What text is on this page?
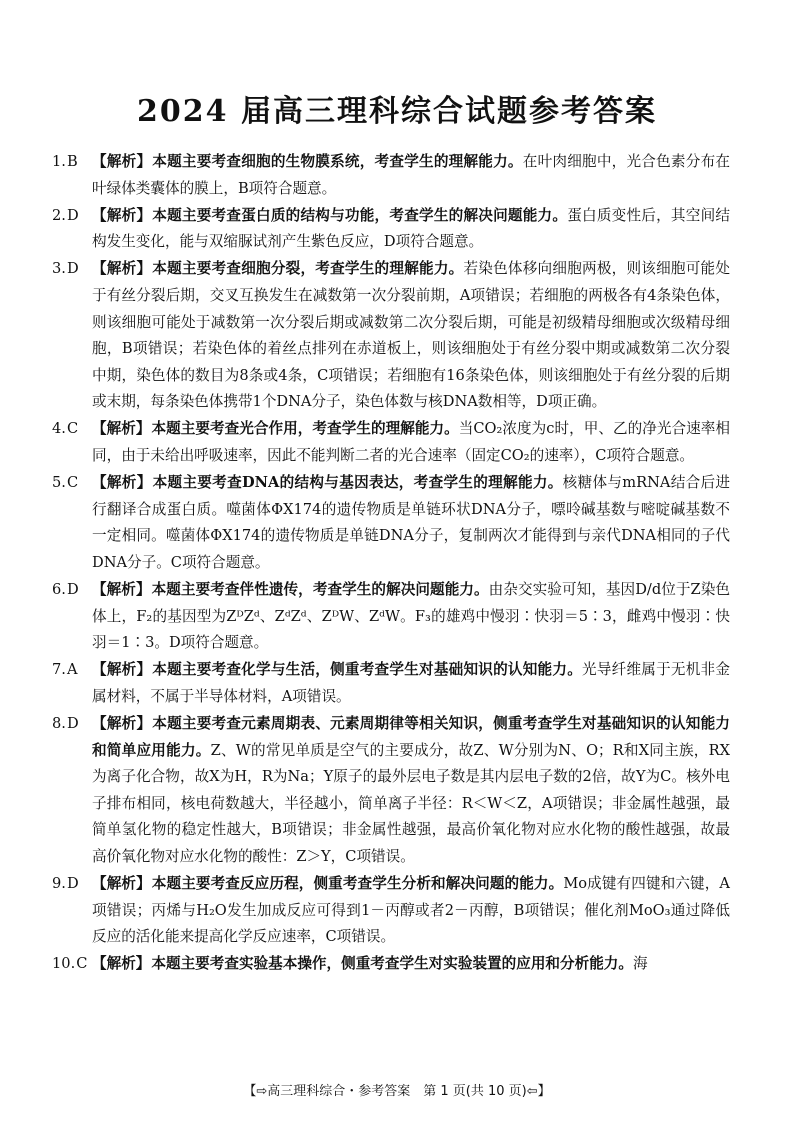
2024 届高三理科综合试题参考答案
1.B 【解析】本题主要考查细胞的生物膜系统，考查学生的理解能力。在叶肉细胞中，光合色素分布在叶绿体类囊体的膜上，B项符合题意。
2.D 【解析】本题主要考查蛋白质的结构与功能，考查学生的解决问题能力。蛋白质变性后，其空间结构发生变化，能与双缩脲试剂产生紫色反应，D项符合题意。
3.D 【解析】本题主要考查细胞分裂，考查学生的理解能力。若染色体移向细胞两极，则该细胞可能处于有丝分裂后期，交叉互换发生在减数第一次分裂前期，A项错误；若细胞的两极各有4条染色体，则该细胞可能处于减数第一次分裂后期或减数第二次分裂后期，可能是初级精母细胞或次级精母细胞，B项错误；若染色体的着丝点排列在赤道板上，则该细胞处于有丝分裂中期或减数第二次分裂中期，染色体的数目为8条或4条，C项错误；若细胞有16条染色体，则该细胞处于有丝分裂的后期或末期，每条染色体携带1个DNA分子，染色体数与核DNA数相等，D项正确。
4.C 【解析】本题主要考查光合作用，考查学生的理解能力。当CO₂浓度为c时，甲、乙的净光合速率相同，由于未给出呼吸速率，因此不能判断二者的光合速率（固定CO₂的速率），C项符合题意。
5.C 【解析】本题主要考查DNA的结构与基因表达，考查学生的理解能力。核糖体与mRNA结合后进行翻译合成蛋白质。噬菌体ΦX174的遗传物质是单链环状DNA分子，嘌呤碱基数与嘧啶碱基数不一定相同。噬菌体ΦX174的遗传物质是单链DNA分子，复制两次才能得到与亲代DNA相同的子代DNA分子。C项符合题意。
6.D 【解析】本题主要考查伴性遗传，考查学生的解决问题能力。由杂交实验可知，基因D/d位于Z染色体上，F₂的基因型为ZᴰZᵈ、ZᵈZᵈ、ZᴰW、ZᵈW。F₃的雄鸡中慢羽∶快羽＝5∶3，雌鸡中慢羽∶快羽＝1∶3。D项符合题意。
7.A 【解析】本题主要考查化学与生活，侧重考查学生对基础知识的认知能力。光导纤维属于无机非金属材料，不属于半导体材料，A项错误。
8.D 【解析】本题主要考查元素周期表、元素周期律等相关知识，侧重考查学生对基础知识的认知能力和简单应用能力。Z、W的常见单质是空气的主要成分，故Z、W分别为N、O；R和X同主族，RX为离子化合物，故X为H，R为Na；Y原子的最外层电子数是其内层电子数的2倍，故Y为C。核外电子排布相同，核电荷数越大，半径越小，简单离子半径：R＜W＜Z，A项错误；非金属性越强，最简单氢化物的稳定性越大，B项错误；非金属性越强，最高价氧化物对应水化物的酸性越强，故最高价氧化物对应水化物的酸性：Z＞Y，C项错误。
9.D 【解析】本题主要考查反应历程，侧重考查学生分析和解决问题的能力。Mo成键有四键和六键，A项错误；丙烯与H₂O发生加成反应可得到1－丙醇或者2－丙醇，B项错误；催化剂MoO₃通过降低反应的活化能来提高化学反应速率，C项错误。
10.C 【解析】本题主要考查实验基本操作，侧重考查学生对实验装置的应用和分析能力。海
【⇨高三理科综合・参考答案　第 1 页(共 10 页)⇦】
